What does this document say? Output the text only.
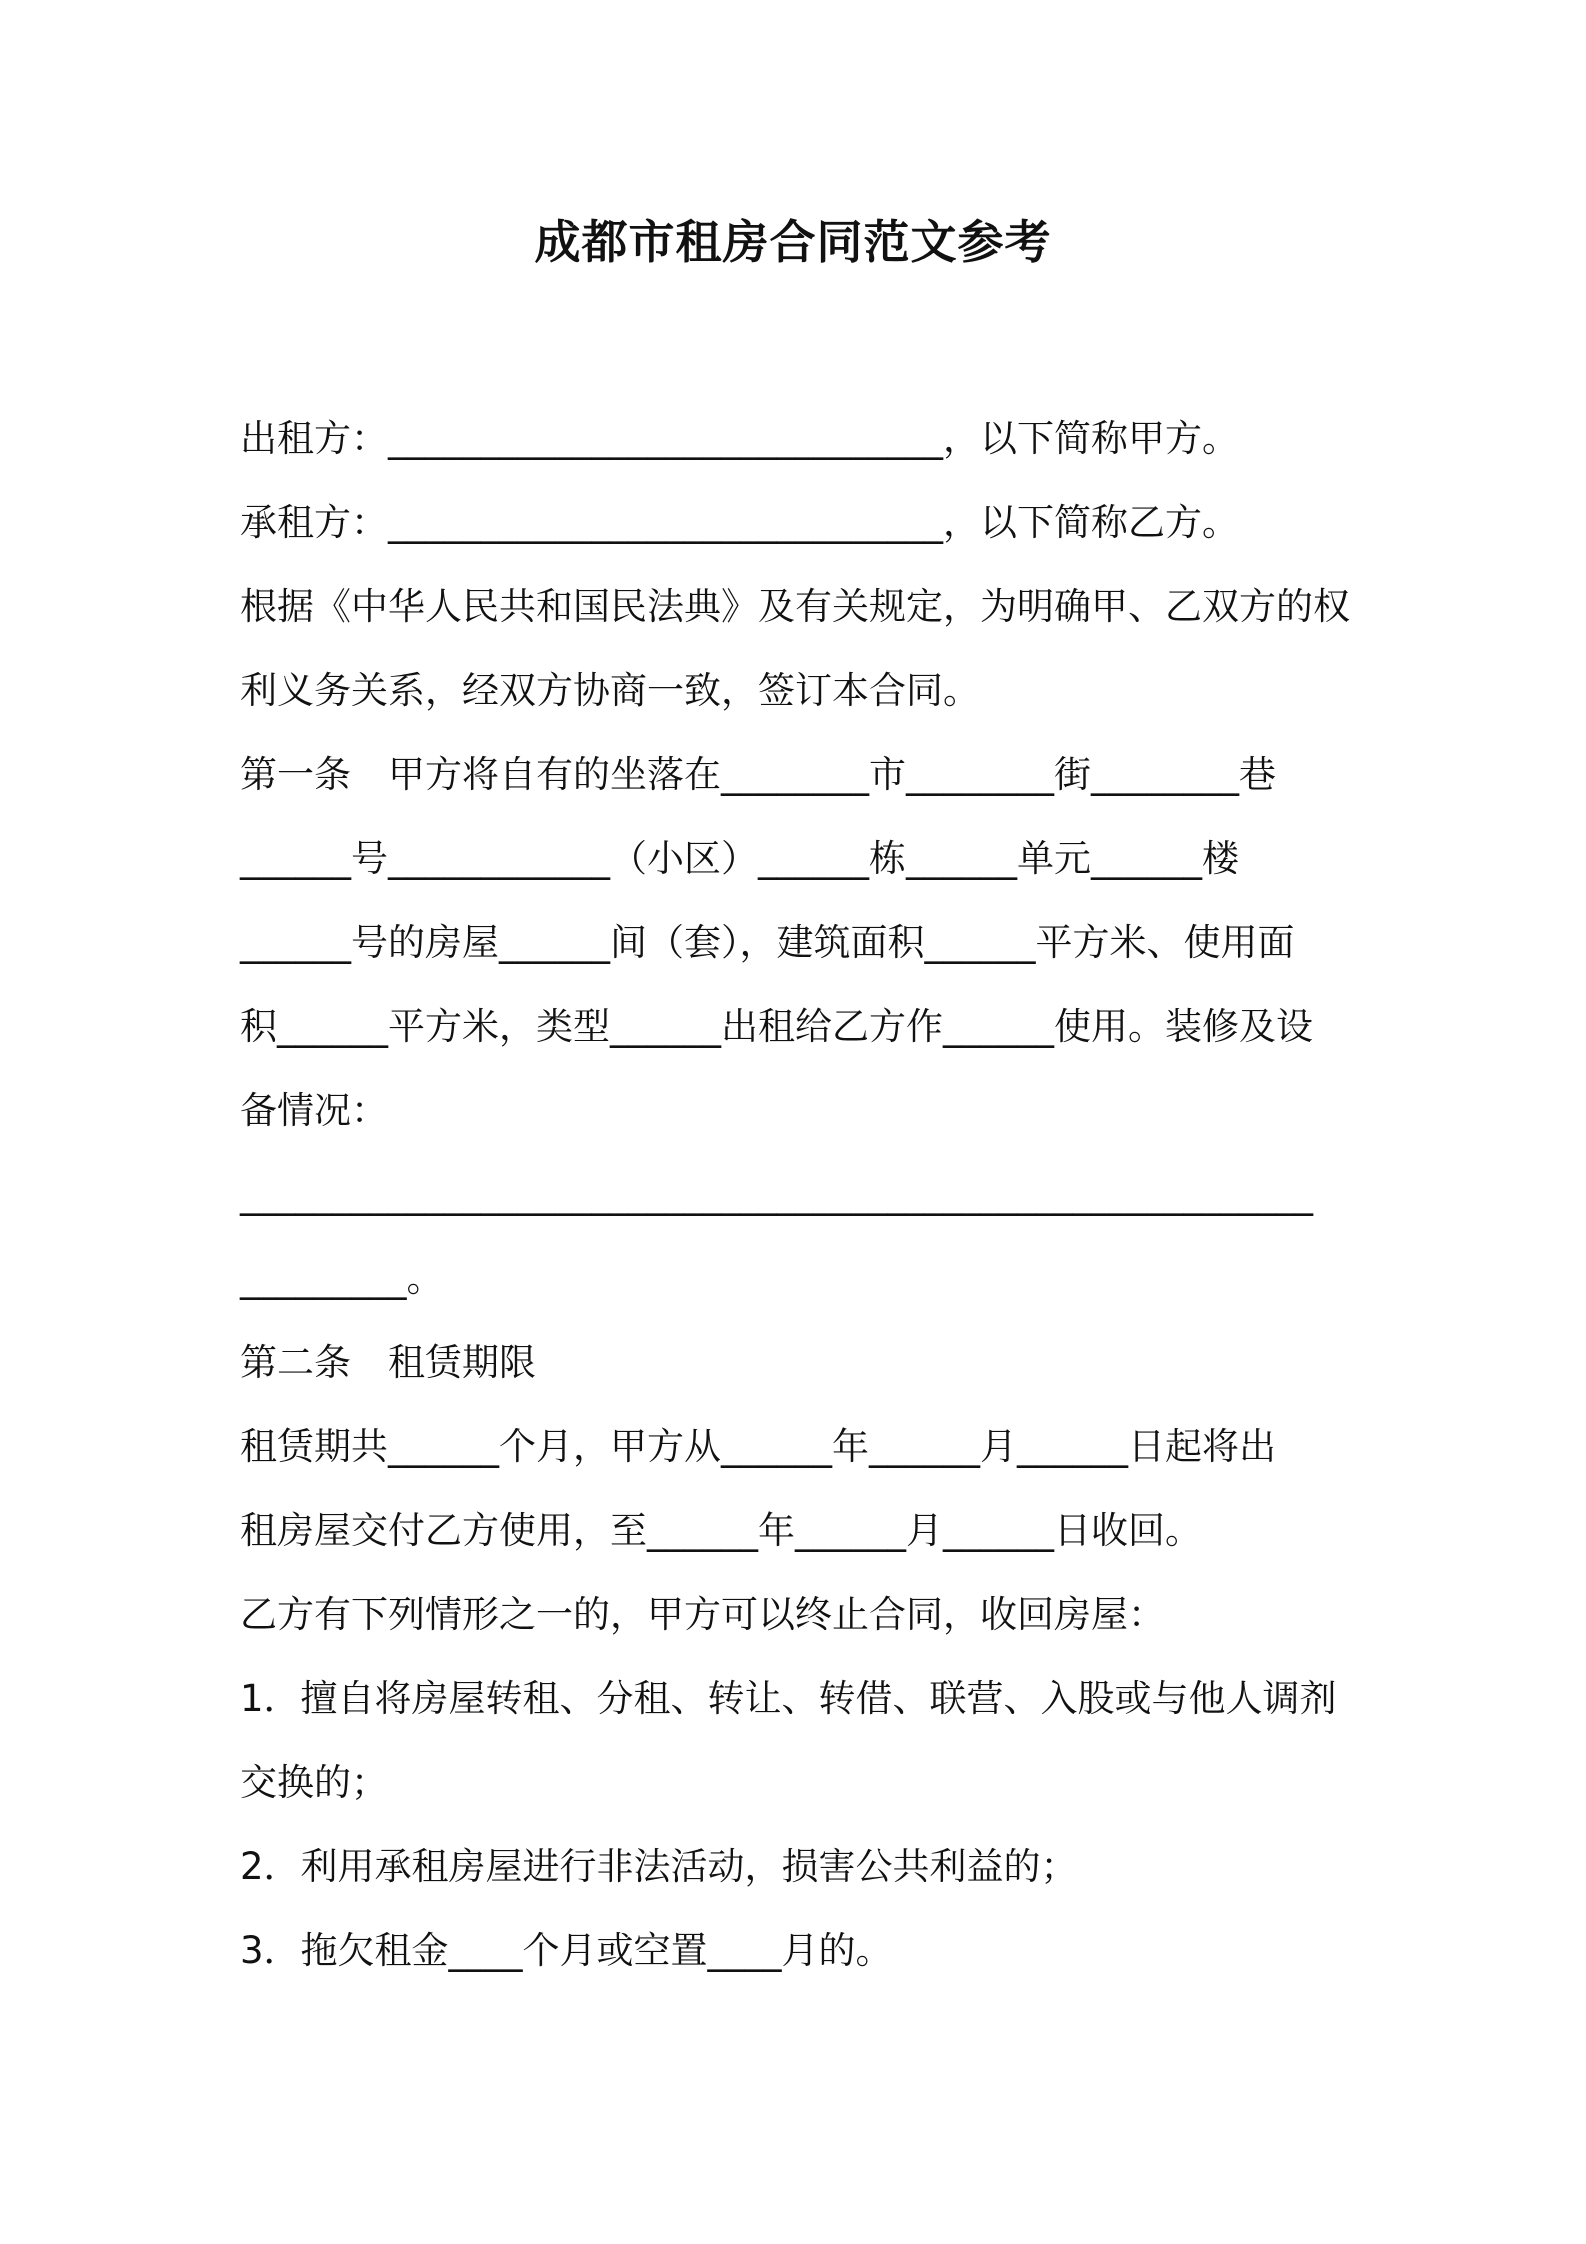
成都市租房合同范文参考

出租方：______________________________，以下简称甲方。

承租方：______________________________，以下简称乙方。

根据《中华人民共和国民法典》及有关规定，为明确甲、乙双方的权

利义务关系，经双方协商一致，签订本合同。

第一条　甲方将自有的坐落在________市________街________巷

______号____________（小区）______栋______单元______楼

______号的房屋______间（套），建筑面积______平方米、使用面

积______平方米，类型______出租给乙方作______使用。装修及设

备情况：

__________________________________________________________

_________。

第二条　租赁期限

租赁期共______个月，甲方从______年______月______日起将出

租房屋交付乙方使用，至______年______月______日收回。

乙方有下列情形之一的，甲方可以终止合同，收回房屋：

1．擅自将房屋转租、分租、转让、转借、联营、入股或与他人调剂

交换的；

2．利用承租房屋进行非法活动，损害公共利益的；

3．拖欠租金____个月或空置____月的。
